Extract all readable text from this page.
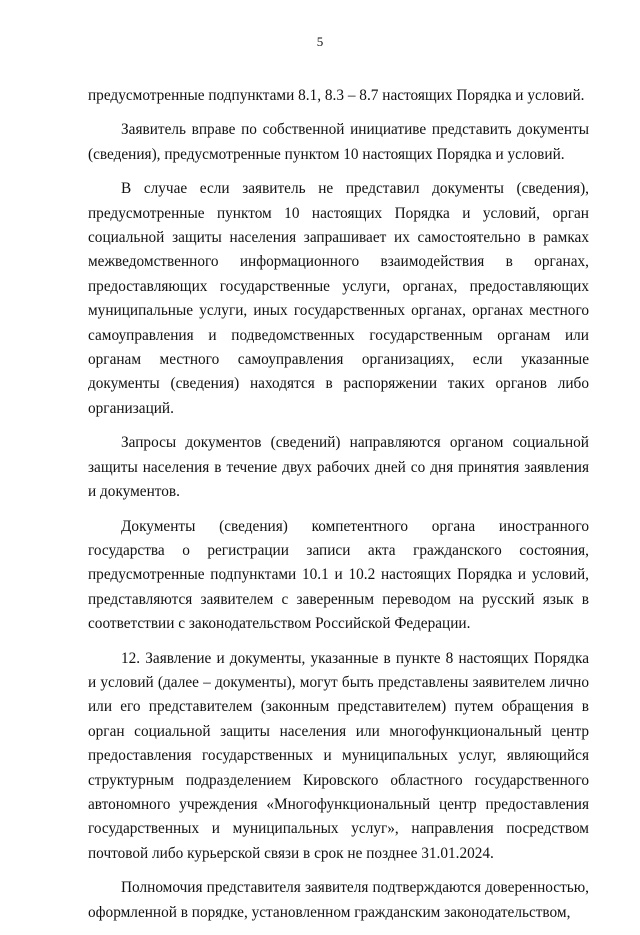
5

предусмотренные подпунктами 8.1, 8.3 – 8.7 настоящих Порядка и условий.

Заявитель вправе по собственной инициативе представить документы (сведения), предусмотренные пунктом 10 настоящих Порядка и условий.

В случае если заявитель не представил документы (сведения), предусмотренные пунктом 10 настоящих Порядка и условий, орган социальной защиты населения запрашивает их самостоятельно в рамках межведомственного информационного взаимодействия в органах, предоставляющих государственные услуги, органах, предоставляющих муниципальные услуги, иных государственных органах, органах местного самоуправления и подведомственных государственным органам или органам местного самоуправления организациях, если указанные документы (сведения) находятся в распоряжении таких органов либо организаций.

Запросы документов (сведений) направляются органом социальной защиты населения в течение двух рабочих дней со дня принятия заявления и документов.

Документы (сведения) компетентного органа иностранного государства о регистрации записи акта гражданского состояния, предусмотренные подпунктами 10.1 и 10.2 настоящих Порядка и условий, представляются заявителем с заверенным переводом на русский язык в соответствии с законодательством Российской Федерации.

12. Заявление и документы, указанные в пункте 8 настоящих Порядка и условий (далее – документы), могут быть представлены заявителем лично или его представителем (законным представителем) путем обращения в орган социальной защиты населения или многофункциональный центр предоставления государственных и муниципальных услуг, являющийся структурным подразделением Кировского областного государственного автономного учреждения «Многофункциональный центр предоставления государственных и муниципальных услуг», направления посредством почтовой либо курьерской связи в срок не позднее 31.01.2024.

Полномочия представителя заявителя подтверждаются доверенностью, оформленной в порядке, установленном гражданским законодательством,
